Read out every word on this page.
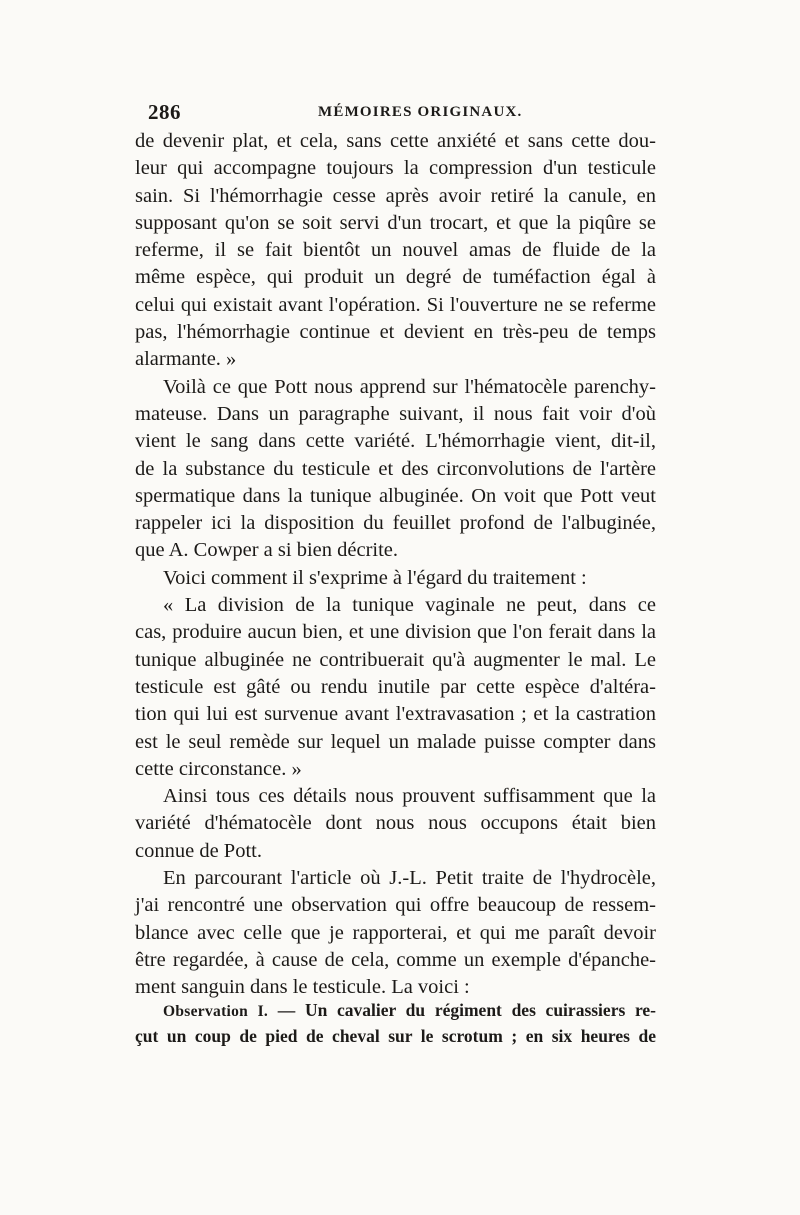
286	MÉMOIRES ORIGINAUX.
de devenir plat, et cela, sans cette anxiété et sans cette dou-
leur qui accompagne toujours la compression d'un testicule
sain. Si l'hémorrhagie cesse après avoir retiré la canule, en
supposant qu'on se soit servi d'un trocart, et que la piqûre se
referme, il se fait bientôt un nouvel amas de fluide de la
même espèce, qui produit un degré de tuméfaction égal à
celui qui existait avant l'opération. Si l'ouverture ne se referme
pas, l'hémorrhagie continue et devient en très-peu de temps
alarmante. »
Voilà ce que Pott nous apprend sur l'hématocèle parenchy-
mateuse. Dans un paragraphe suivant, il nous fait voir d'où
vient le sang dans cette variété. L'hémorrhagie vient, dit-il,
de la substance du testicule et des circonvolutions de l'artère
spermatique dans la tunique albuginée. On voit que Pott veut
rappeler ici la disposition du feuillet profond de l'albuginée,
que A. Cowper a si bien décrite.
Voici comment il s'exprime à l'égard du traitement :
« La division de la tunique vaginale ne peut, dans ce
cas, produire aucun bien, et une division que l'on ferait dans la
tunique albuginée ne contribuerait qu'à augmenter le mal. Le
testicule est gâté ou rendu inutile par cette espèce d'altéra-
tion qui lui est survenue avant l'extravasation ; et la castration
est le seul remède sur lequel un malade puisse compter dans
cette circonstance. »
Ainsi tous ces détails nous prouvent suffisamment que la
variété d'hématocèle dont nous nous occupons était bien
connue de Pott.
En parcourant l'article où J.-L. Petit traite de l'hydrocèle,
j'ai rencontré une observation qui offre beaucoup de ressem-
blance avec celle que je rapporterai, et qui me paraît devoir
être regardée, à cause de cela, comme un exemple d'épanche-
ment sanguin dans le testicule. La voici :
Observation I. — Un cavalier du régiment des cuirassiers re-
çut un coup de pied de cheval sur le scrotum ; en six heures de
